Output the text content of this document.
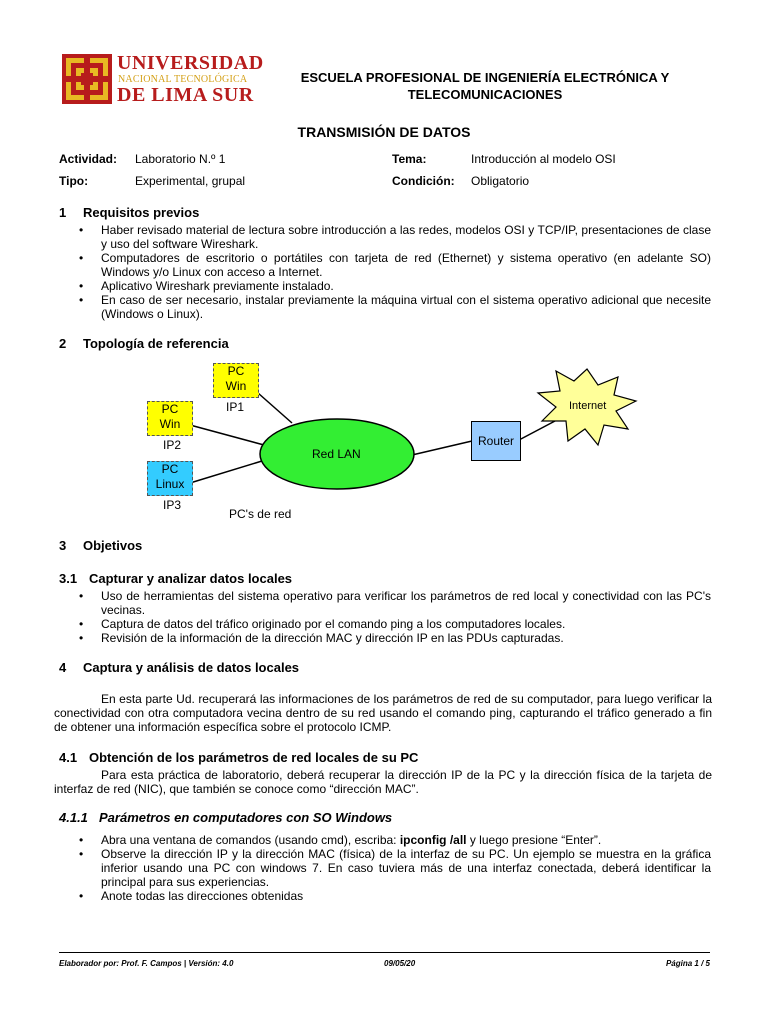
UNIVERSIDAD
NACIONAL TECNOLÓGICA
DE LIMA SUR
ESCUELA PROFESIONAL DE INGENIERÍA ELECTRÓNICA Y
TELECOMUNICACIONES
TRANSMISIÓN DE DATOS
Actividad: Laboratorio N.º 1	Tema:	Introducción al modelo OSI
Tipo:	Experimental, grupal	Condición: Obligatorio
1 Requisitos previos
• Haber revisado material de lectura sobre introducción a las redes, modelos OSI y TCP/IP, presentaciones de clase y uso del software Wireshark.
• Computadores de escritorio o portátiles con tarjeta de red (Ethernet) y sistema operativo (en adelante SO) Windows y/o Linux con acceso a Internet.
• Aplicativo Wireshark previamente instalado.
• En caso de ser necesario, instalar previamente la máquina virtual con el sistema operativo adicional que necesite (Windows o Linux).
2 Topología de referencia
PC
Win
IP1
PC
Win
IP2
PC
Linux
IP3
Red LAN
Router
Internet
PC's de red
3 Objetivos
3.1 Capturar y analizar datos locales
• Uso de herramientas del sistema operativo para verificar los parámetros de red local y conectividad con las PC's vecinas.
• Captura de datos del tráfico originado por el comando ping a los computadores locales.
• Revisión de la información de la dirección MAC y dirección IP en las PDUs capturadas.
4 Captura y análisis de datos locales
En esta parte Ud. recuperará las informaciones de los parámetros de red de su computador, para luego verificar la conectividad con otra computadora vecina dentro de su red usando el comando ping, capturando el tráfico generado a fin de obtener una información específica sobre el protocolo ICMP.
4.1 Obtención de los parámetros de red locales de su PC
Para esta práctica de laboratorio, deberá recuperar la dirección IP de la PC y la dirección física de la tarjeta de interfaz de red (NIC), que también se conoce como “dirección MAC”.
4.1.1 Parámetros en computadores con SO Windows
• Abra una ventana de comandos (usando cmd), escriba: ipconfig /all y luego presione “Enter”.
• Observe la dirección IP y la dirección MAC (física) de la interfaz de su PC. Un ejemplo se muestra en la gráfica inferior usando una PC con windows 7. En caso tuviera más de una interfaz conectada, deberá identificar la principal para sus experiencias.
• Anote todas las direcciones obtenidas
Elaborador por: Prof. F. Campos | Versión: 4.0	09/05/20	Página 1 / 5
